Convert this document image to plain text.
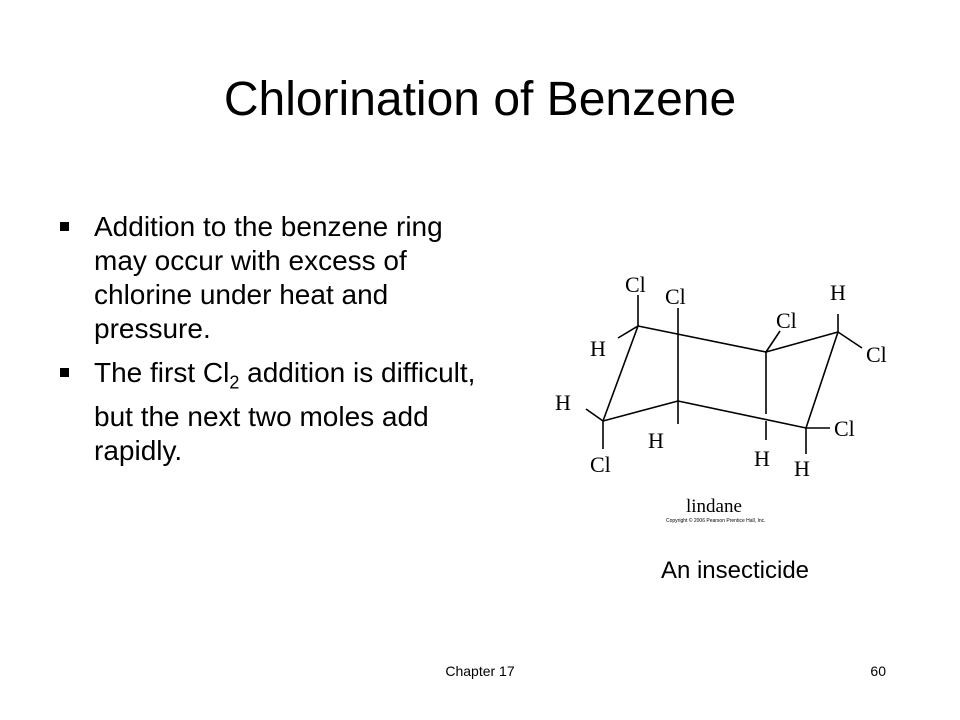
Chlorination of Benzene
Addition to the benzene ring may occur with excess of chlorine under heat and pressure.
The first $Cl_2$ addition is difficult, but the next two moles add rapidly.
Cl Cl
Cl
H
Cl
H
H
H
Cl	H
Cl
H
lindane
Copyright © 2006 Pearson Prentice Hall, Inc.
An insecticide
Chapter 17	60
